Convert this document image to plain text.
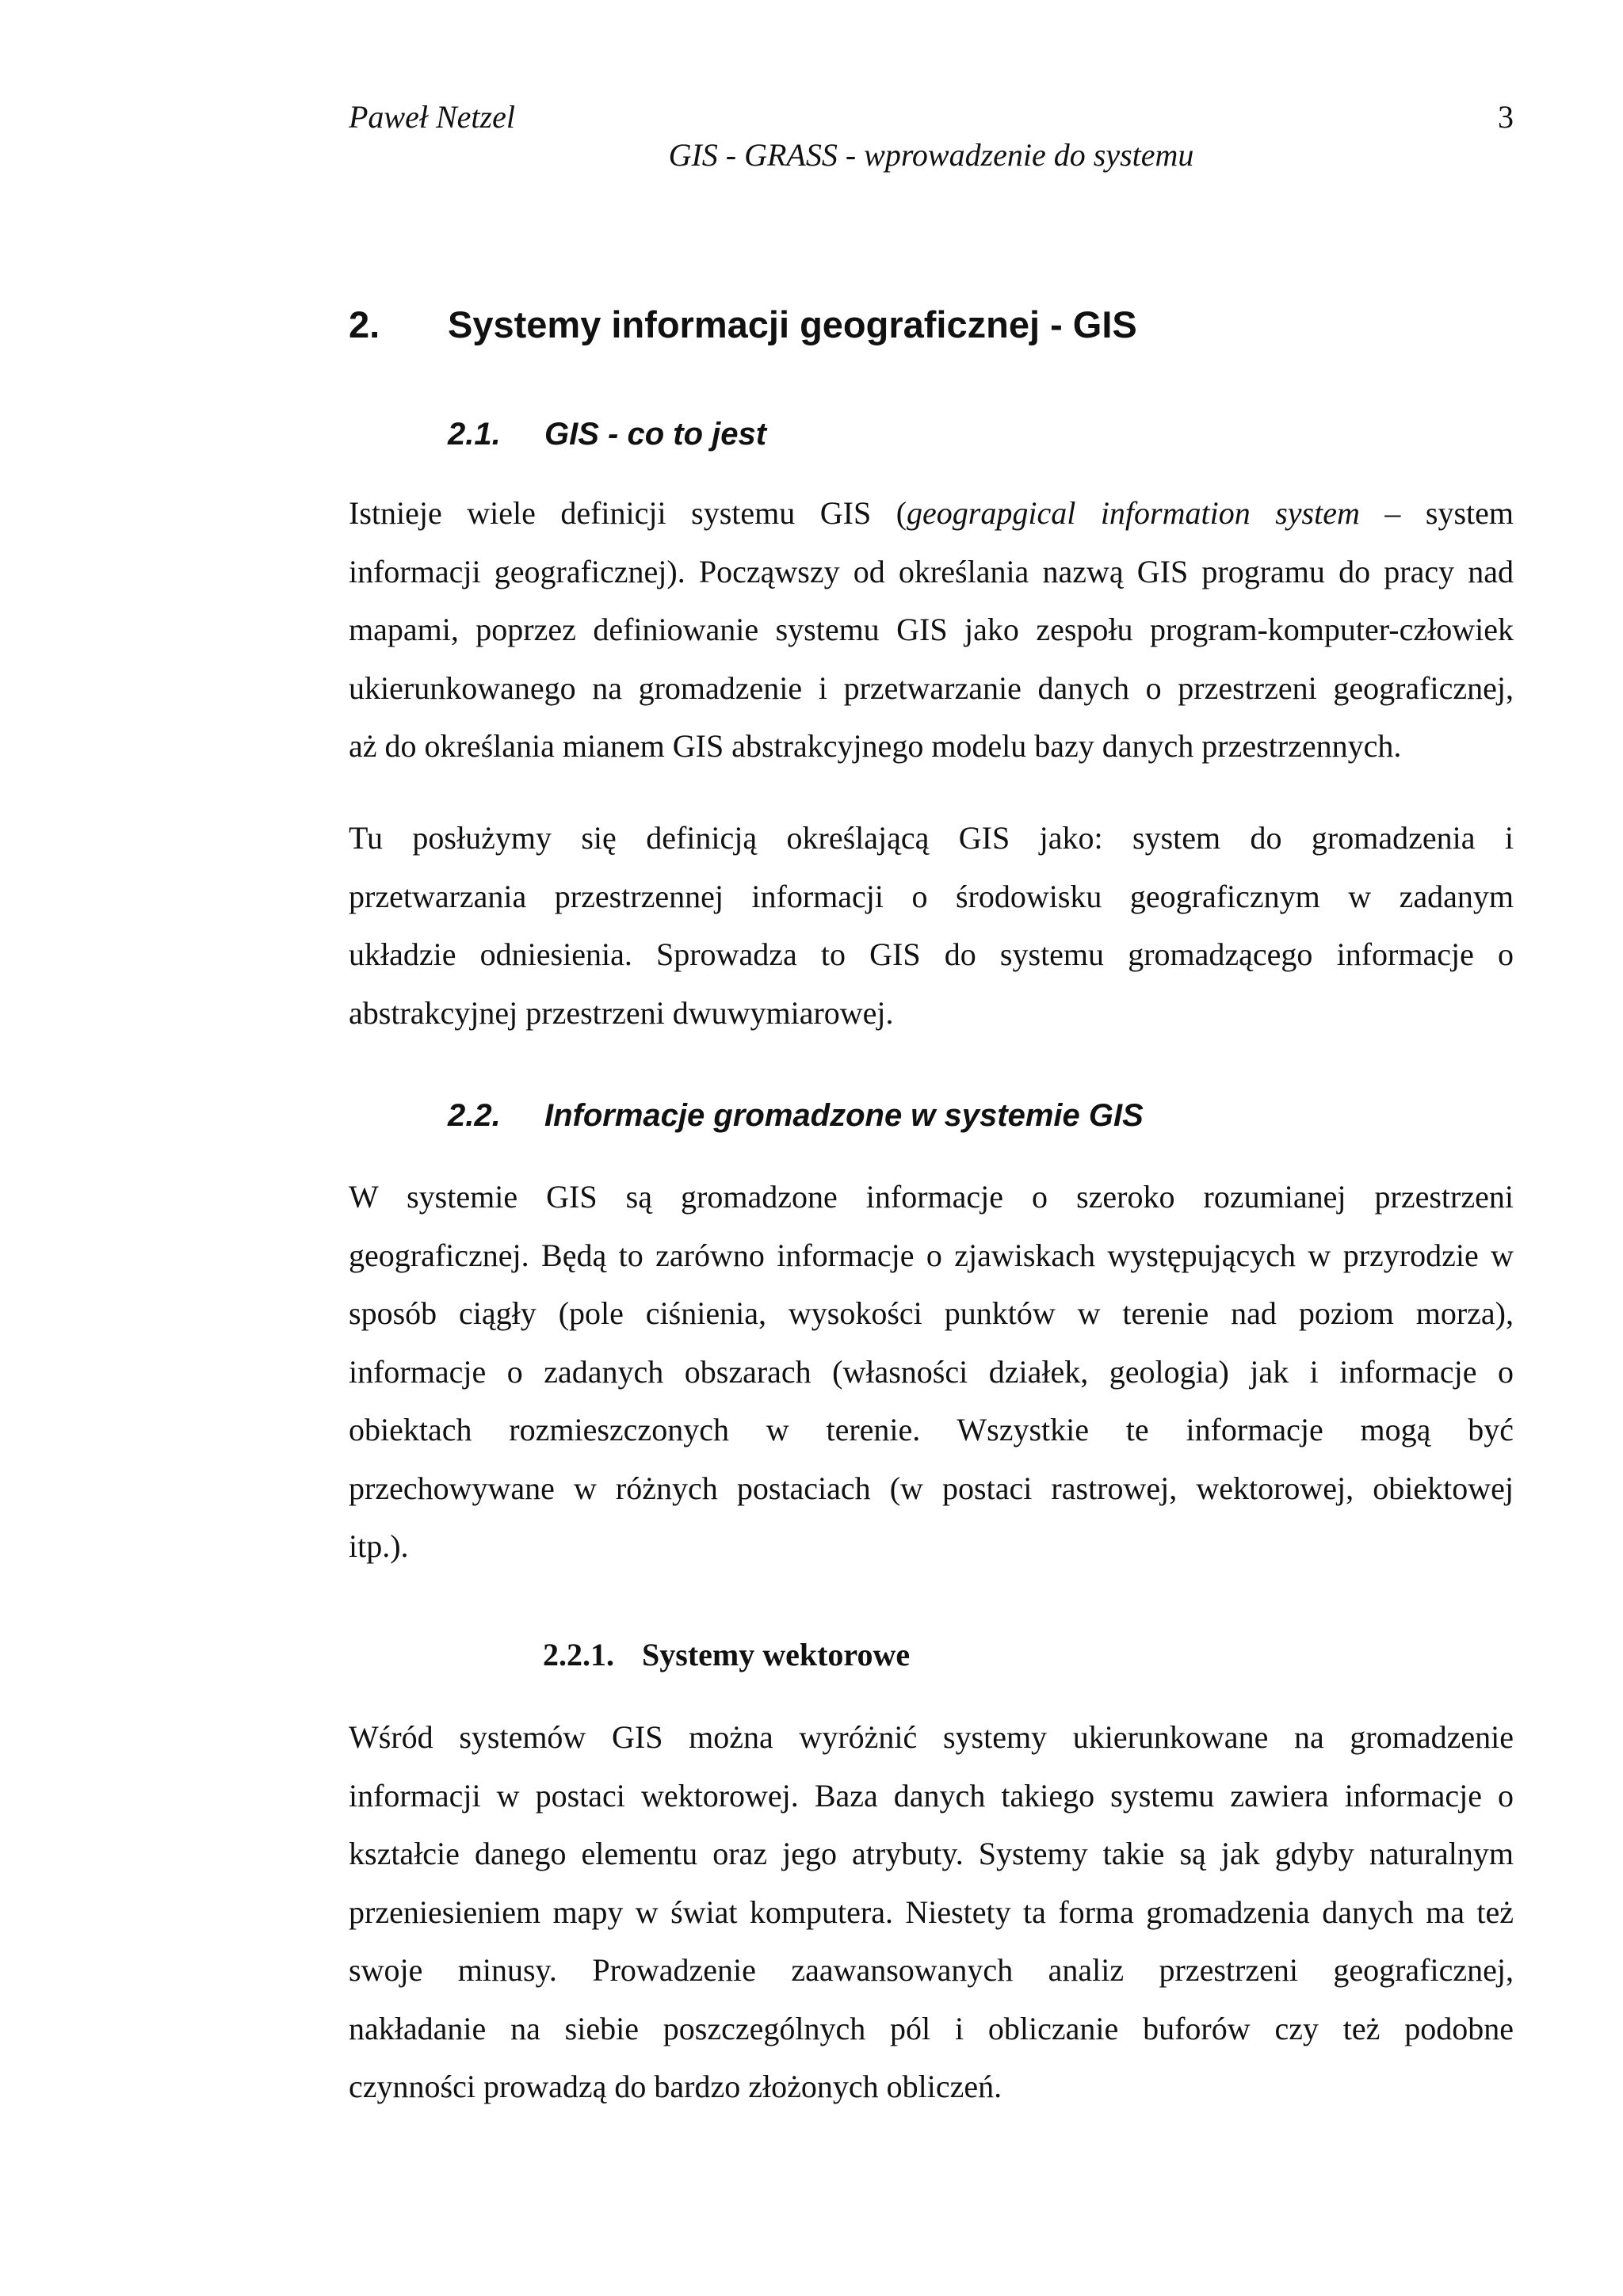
Paweł Netzel	3
GIS - GRASS - wprowadzenie do systemu
2. Systemy informacji geograficznej - GIS
2.1. GIS - co to jest
Istnieje wiele definicji systemu GIS (geograpgical information system – system
informacji geograficznej). Począwszy od określania nazwą GIS programu do pracy nad
mapami, poprzez definiowanie systemu GIS jako zespołu program-komputer-człowiek
ukierunkowanego na gromadzenie i przetwarzanie danych o przestrzeni geograficznej,
aż do określania mianem GIS abstrakcyjnego modelu bazy danych przestrzennych.
Tu posłużymy się definicją określającą GIS jako: system do gromadzenia i
przetwarzania przestrzennej informacji o środowisku geograficznym w zadanym
układzie odniesienia. Sprowadza to GIS do systemu gromadzącego informacje o
abstrakcyjnej przestrzeni dwuwymiarowej.
2.2. Informacje gromadzone w systemie GIS
W systemie GIS są gromadzone informacje o szeroko rozumianej przestrzeni
geograficznej. Będą to zarówno informacje o zjawiskach występujących w przyrodzie w
sposób ciągły (pole ciśnienia, wysokości punktów w terenie nad poziom morza),
informacje o zadanych obszarach (własności działek, geologia) jak i informacje o
obiektach rozmieszczonych w terenie. Wszystkie te informacje mogą być
przechowywane w różnych postaciach (w postaci rastrowej, wektorowej, obiektowej
itp.).
2.2.1. Systemy wektorowe
Wśród systemów GIS można wyróżnić systemy ukierunkowane na gromadzenie
informacji w postaci wektorowej. Baza danych takiego systemu zawiera informacje o
kształcie danego elementu oraz jego atrybuty. Systemy takie są jak gdyby naturalnym
przeniesieniem mapy w świat komputera. Niestety ta forma gromadzenia danych ma też
swoje minusy. Prowadzenie zaawansowanych analiz przestrzeni geograficznej,
nakładanie na siebie poszczególnych pól i obliczanie buforów czy też podobne
czynności prowadzą do bardzo złożonych obliczeń.
